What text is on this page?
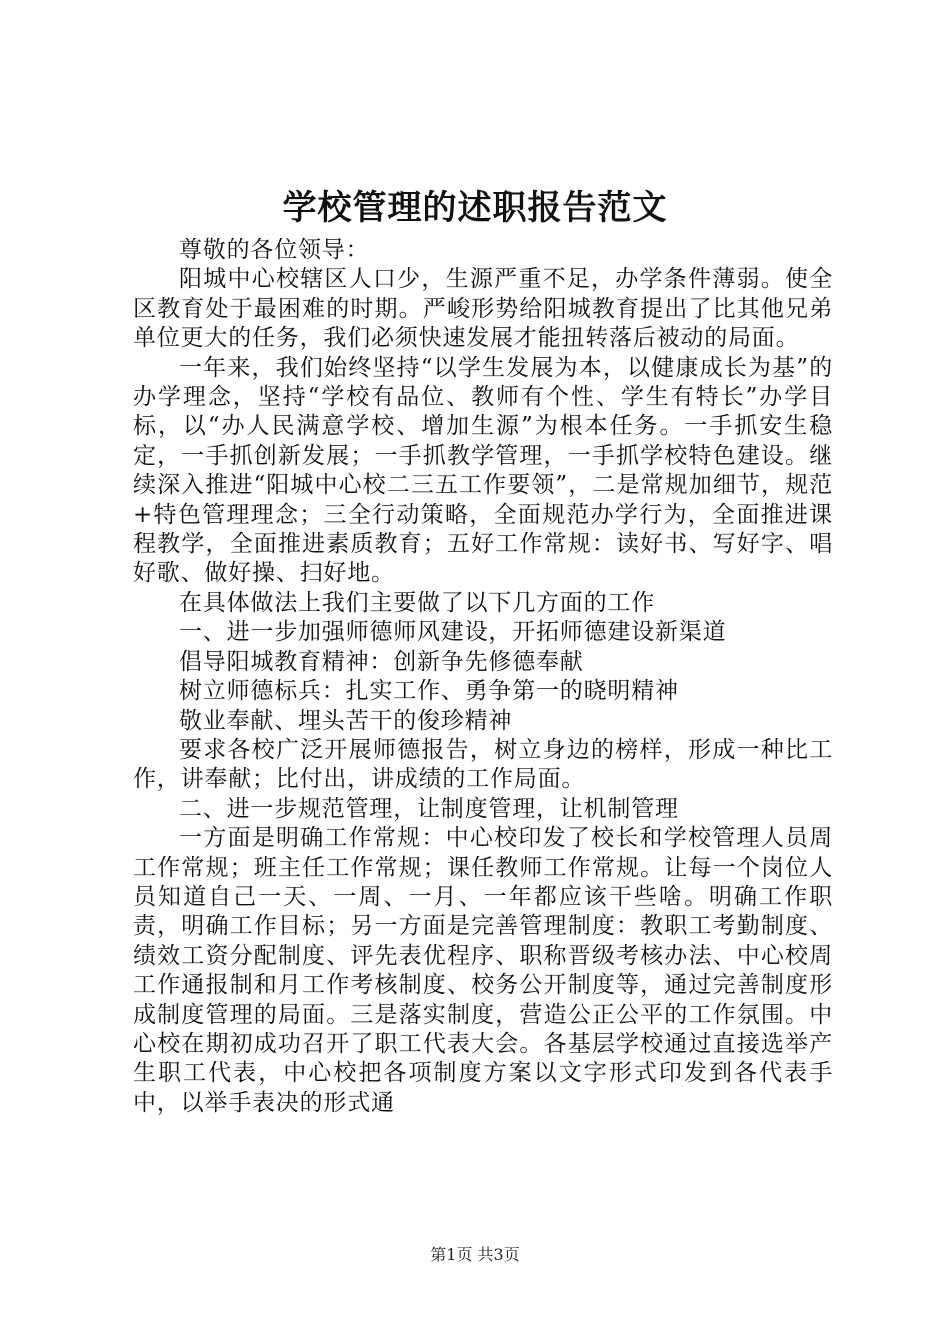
学校管理的述职报告范文

尊敬的各位领导：

阳城中心校辖区人口少，生源严重不足，办学条件薄弱。使全区教育处于最困难的时期。严峻形势给阳城教育提出了比其他兄弟单位更大的任务，我们必须快速发展才能扭转落后被动的局面。

一年来，我们始终坚持“以学生发展为本，以健康成长为基”的办学理念，坚持“学校有品位、教师有个性、学生有特长”办学目标，以“办人民满意学校、增加生源”为根本任务。一手抓安生稳定，一手抓创新发展；一手抓教学管理，一手抓学校特色建设。继续深入推进“阳城中心校二三五工作要领”，二是常规加细节，规范+特色管理理念；三全行动策略，全面规范办学行为，全面推进课程教学，全面推进素质教育；五好工作常规：读好书、写好字、唱好歌、做好操、扫好地。

在具体做法上我们主要做了以下几方面的工作

一、进一步加强师德师风建设，开拓师德建设新渠道

倡导阳城教育精神：创新争先修德奉献

树立师德标兵：扎实工作、勇争第一的晓明精神

敬业奉献、埋头苦干的俊珍精神

要求各校广泛开展师德报告，树立身边的榜样，形成一种比工作，讲奉献；比付出，讲成绩的工作局面。

二、进一步规范管理，让制度管理，让机制管理

一方面是明确工作常规：中心校印发了校长和学校管理人员周工作常规；班主任工作常规；课任教师工作常规。让每一个岗位人员知道自己一天、一周、一月、一年都应该干些啥。明确工作职责，明确工作目标；另一方面是完善管理制度：教职工考勤制度、绩效工资分配制度、评先表优程序、职称晋级考核办法、中心校周工作通报制和月工作考核制度、校务公开制度等，通过完善制度形成制度管理的局面。三是落实制度，营造公正公平的工作氛围。中心校在期初成功召开了职工代表大会。各基层学校通过直接选举产生职工代表，中心校把各项制度方案以文字形式印发到各代表手中，以举手表决的形式通

第1页 共3页
